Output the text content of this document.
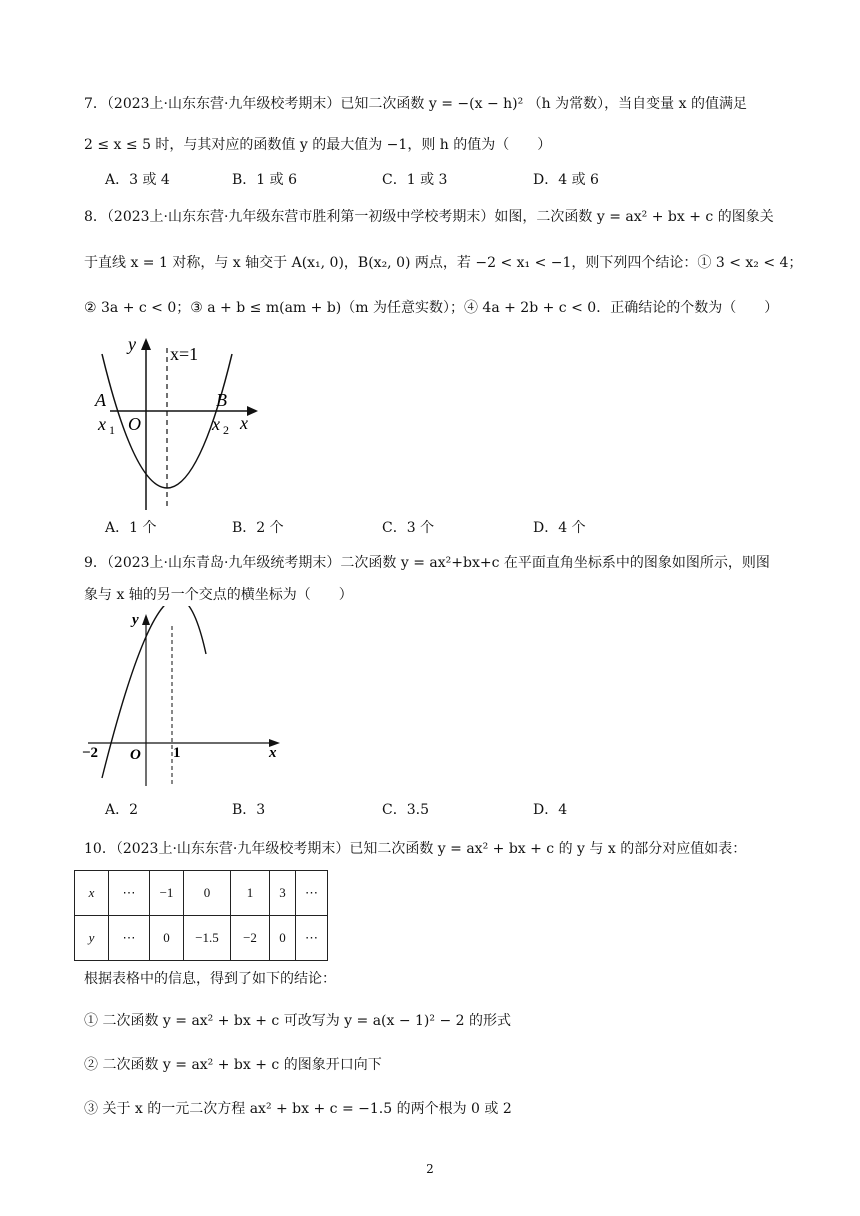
7．（2023上·山东东营·九年级校考期末）已知二次函数 y = −(x − h)² （h 为常数），当自变量 x 的值满足
2 ≤ x ≤ 5 时，与其对应的函数值 y 的最大值为 −1，则 h 的值为（　　）
A．3 或 4	B．1 或 6	C．1 或 3	D．4 或 6
8．（2023上·山东东营·九年级东营市胜利第一初级中学校考期末）如图，二次函数 y = ax² + bx + c 的图象关
于直线 x = 1 对称，与 x 轴交于 A(x₁, 0)，B(x₂, 0) 两点，若 −2 < x₁ < −1，则下列四个结论：① 3 < x₂ < 4；
② 3a + c < 0；③ a + b ≤ m(am + b)（m 为任意实数）；④ 4a + 2b + c < 0．正确结论的个数为（　　）
y x=1
A	B
O
x 1	x 2 x
A．1 个	B．2 个	C．3 个	D．4 个
9．（2023上·山东青岛·九年级统考期末）二次函数 y = ax²+bx+c 在平面直角坐标系中的图象如图所示，则图
象与 x 轴的另一个交点的横坐标为（　　）
y
x
−2 O 1
A．2	B．3	C．3.5	D．4
10．（2023上·山东东营·九年级校考期末）已知二次函数 y = ax² + bx + c 的 y 与 x 的部分对应值如表：
x	⋯	−1	0	1	3	⋯
y	⋯	0	−1.5	−2	0	⋯
根据表格中的信息，得到了如下的结论：
① 二次函数 y = ax² + bx + c 可改写为 y = a(x − 1)² − 2 的形式
② 二次函数 y = ax² + bx + c 的图象开口向下
③ 关于 x 的一元二次方程 ax² + bx + c = −1.5 的两个根为 0 或 2
2
